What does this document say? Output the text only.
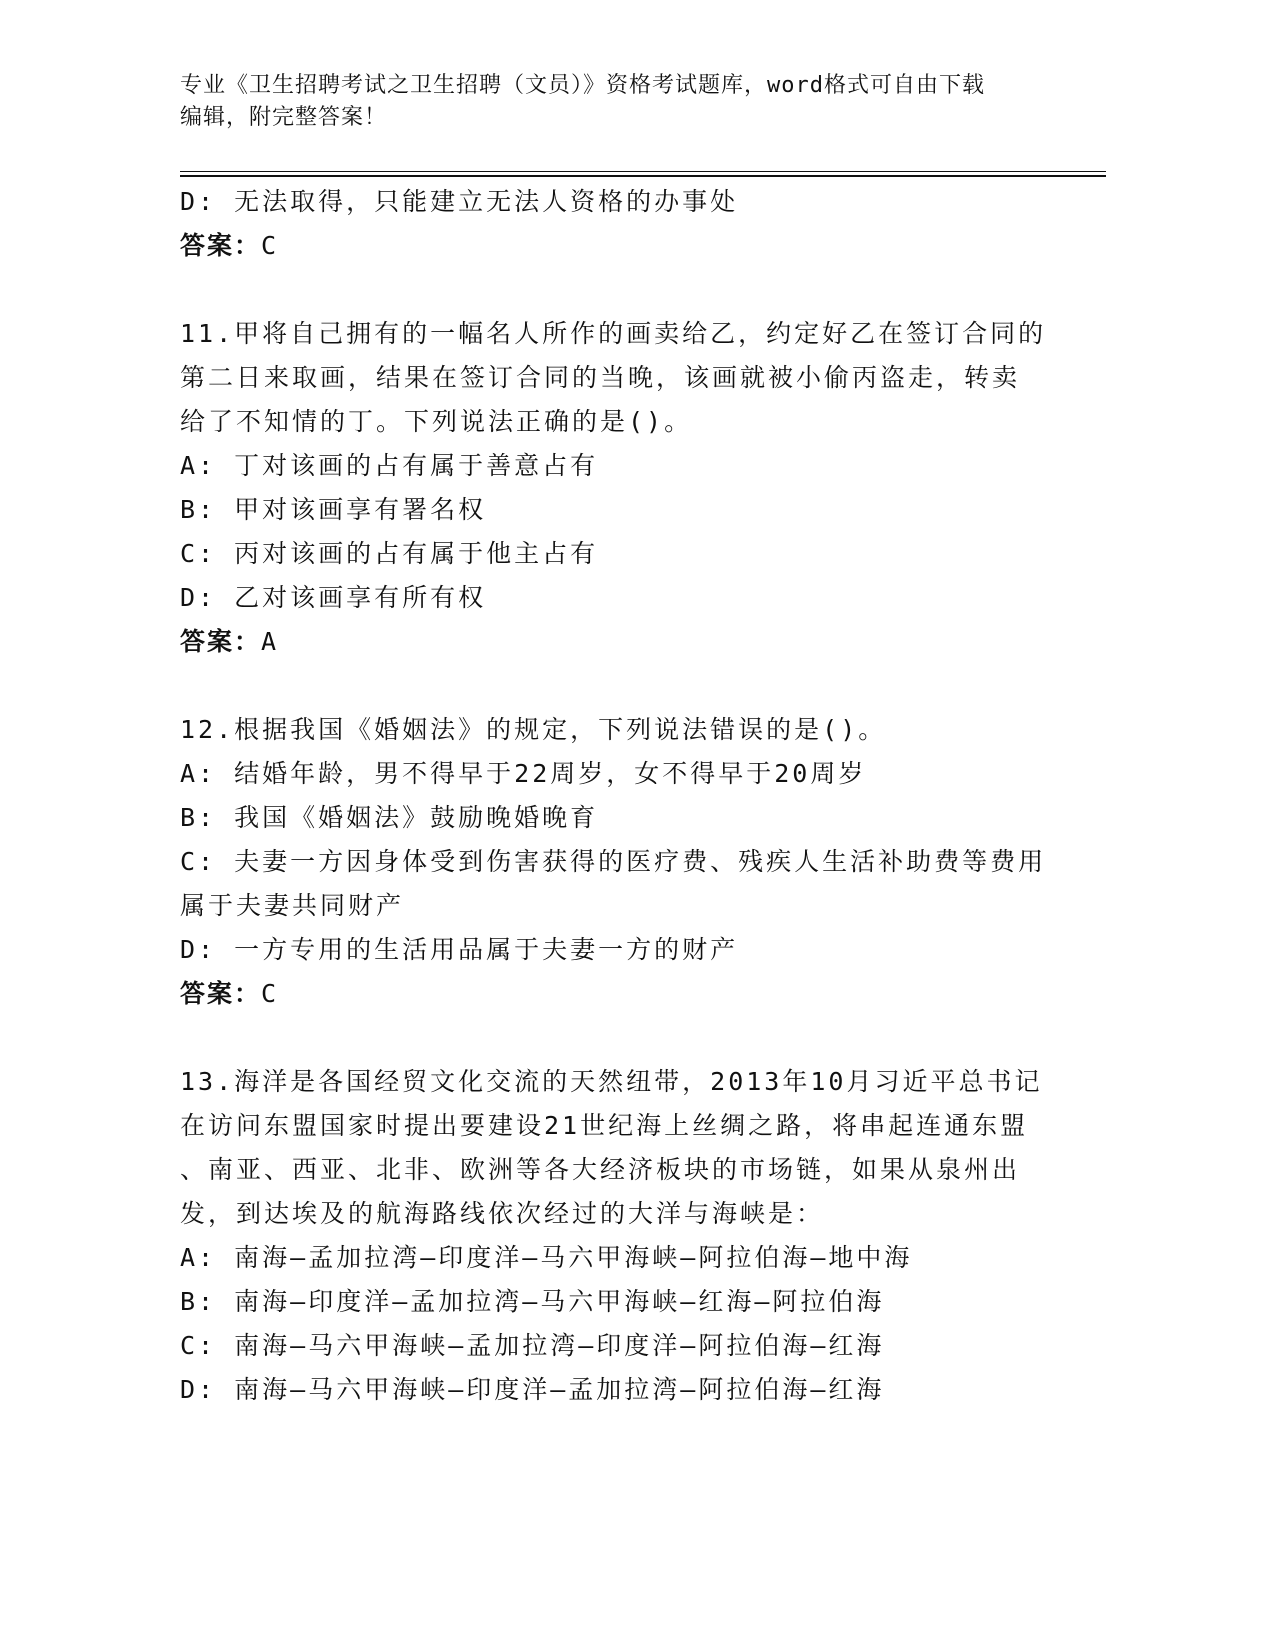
专业《卫生招聘考试之卫生招聘（文员）》资格考试题库，word格式可自由下载
编辑，附完整答案！
D: 无法取得，只能建立无法人资格的办事处
答案：C
11.甲将自己拥有的一幅名人所作的画卖给乙，约定好乙在签订合同的
第二日来取画，结果在签订合同的当晚，该画就被小偷丙盗走，转卖
给了不知情的丁。下列说法正确的是()。
A: 丁对该画的占有属于善意占有
B: 甲对该画享有署名权
C: 丙对该画的占有属于他主占有
D: 乙对该画享有所有权
答案：A
12.根据我国《婚姻法》的规定，下列说法错误的是()。
A: 结婚年龄，男不得早于22周岁，女不得早于20周岁
B: 我国《婚姻法》鼓励晚婚晚育
C: 夫妻一方因身体受到伤害获得的医疗费、残疾人生活补助费等费用
属于夫妻共同财产
D: 一方专用的生活用品属于夫妻一方的财产
答案：C
13.海洋是各国经贸文化交流的天然纽带，2013年10月习近平总书记
在访问东盟国家时提出要建设21世纪海上丝绸之路，将串起连通东盟
、南亚、西亚、北非、欧洲等各大经济板块的市场链，如果从泉州出
发，到达埃及的航海路线依次经过的大洋与海峡是：
A: 南海—孟加拉湾—印度洋—马六甲海峡—阿拉伯海—地中海
B: 南海—印度洋—孟加拉湾—马六甲海峡—红海—阿拉伯海
C: 南海—马六甲海峡—孟加拉湾—印度洋—阿拉伯海—红海
D: 南海—马六甲海峡—印度洋—孟加拉湾—阿拉伯海—红海
